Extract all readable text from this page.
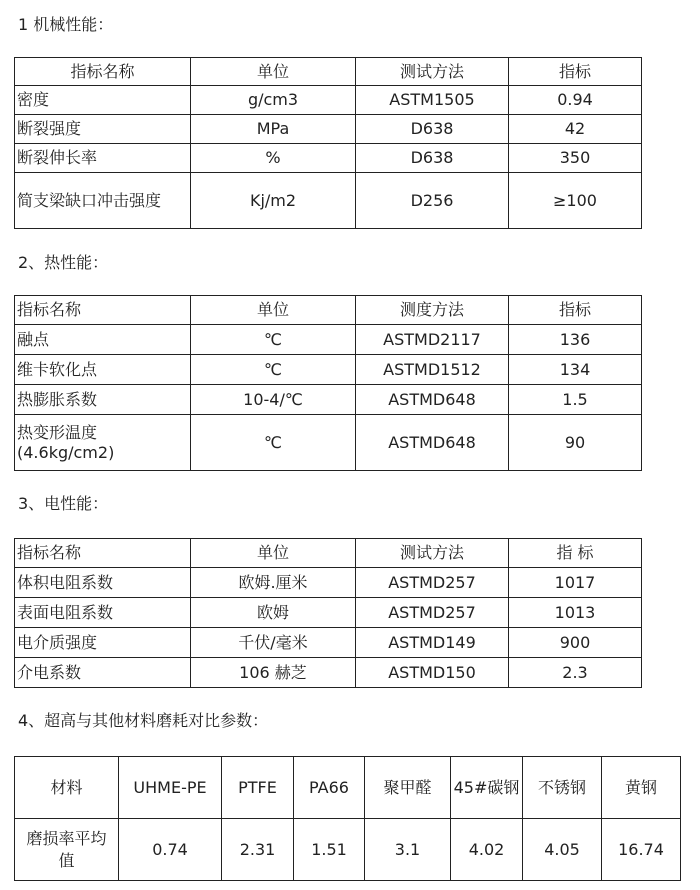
1 机械性能：
指标名称	单位	测试方法	指标
密度	g/cm3	ASTM1505	0.94
断裂强度	MPa	D638	42
断裂伸长率	%	D638	350
简支梁缺口冲击强度	Kj/m2	D256	≥100
2、热性能：
指标名称	单位	测度方法	指标
融点	℃	ASTMD2117	136
维卡软化点	℃	ASTMD1512	134
热膨胀系数	10-4/℃	ASTMD648	1.5
热变形温度(4.6kg/cm2)	℃	ASTMD648	90
3、电性能：
指标名称	单位	测试方法	指 标
体积电阻系数	欧姆.厘米	ASTMD257	1017
表面电阻系数	欧姆	ASTMD257	1013
电介质强度	千伏/毫米	ASTMD149	900
介电系数	106 赫芝	ASTMD150	2.3
4、超高与其他材料磨耗对比参数：
材料	UHME-PE	PTFE	PA66	聚甲醛	45#碳钢	不锈钢	黄钢
磨损率平均值	0.74	2.31	1.51	3.1	4.02	4.05	16.74
